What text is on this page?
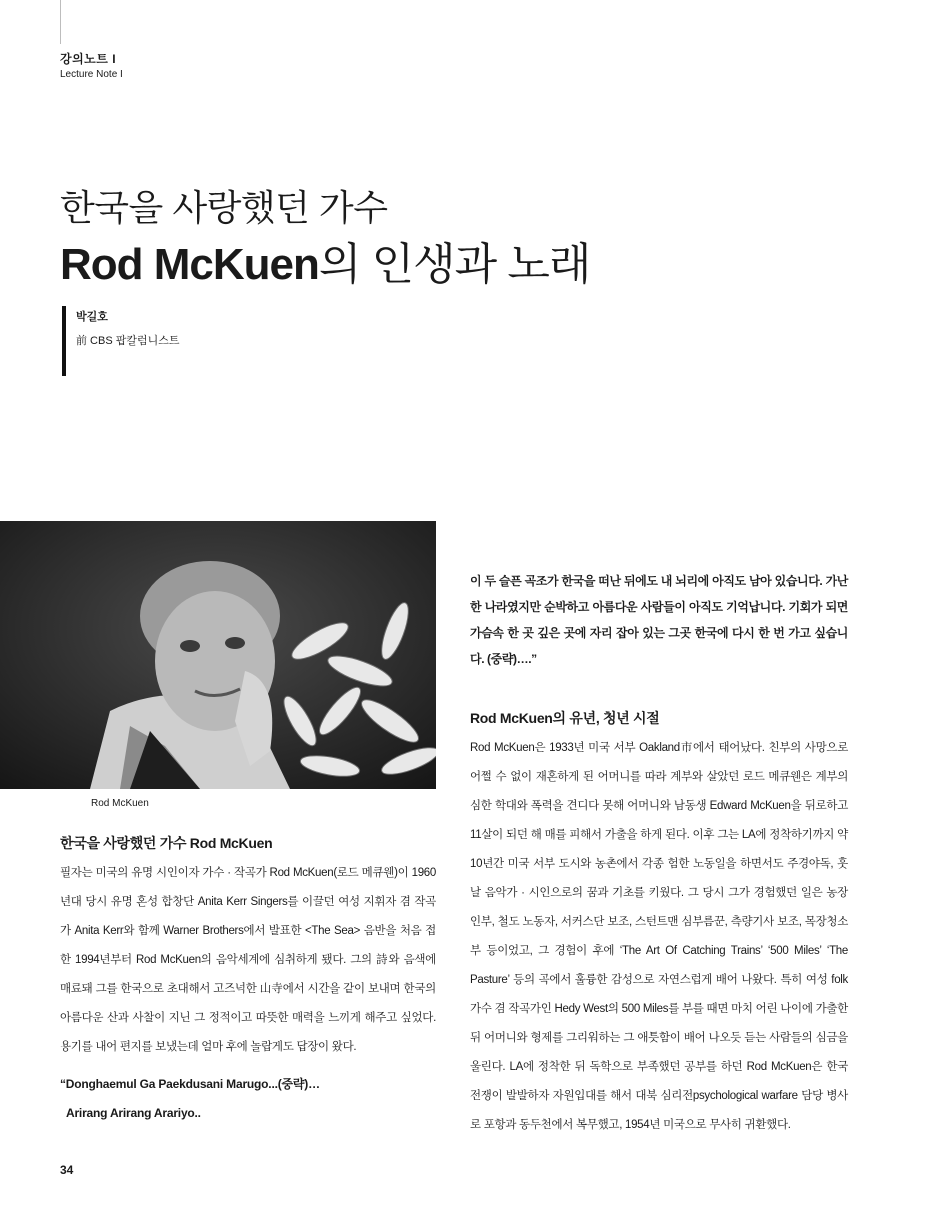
강의노트 I
Lecture Note I
한국을 사랑했던 가수
Rod McKuen의 인생과 노래
박길호
前 CBS 팝칼럼니스트
Rod McKuen
한국을 사랑했던 가수 Rod McKuen

필자는 미국의 유명 시인이자 가수 · 작곡가 Rod McKuen(로드 메큐웬)이 1960년대 당시 유명 혼성 합창단 Anita Kerr Singers를 이끌던 여성 지휘자 겸 작곡가 Anita Kerr와 함께 Warner Brothers에서 발표한 <The Sea> 음반을 처음 접한 1994년부터 Rod McKuen의 음악세계에 심취하게 됐다. 그의 詩와 음색에 매료돼 그를 한국으로 초대해서 고즈넉한 山寺에서 시간을 같이 보내며 한국의 아름다운 산과 사찰이 지닌 그 정적이고 따뜻한 매력을 느끼게 해주고 싶었다. 용기를 내어 편지를 보냈는데 얼마 후에 놀랍게도 답장이 왔다.

“Donghaemul Ga Paekdusani Marugo...(중략)…
Arirang Arirang Arariyo..
이 두 슬픈 곡조가 한국을 떠난 뒤에도 내 뇌리에 아직도 남아 있습니다. 가난한 나라였지만 순박하고 아름다운 사람들이 아직도 기억납니다. 기회가 되면 가슴속 한 곳 깊은 곳에 자리 잡아 있는 그곳 한국에 다시 한 번 가고 싶습니다. (중략)….”
Rod McKuen의 유년, 청년 시절

Rod McKuen은 1933년 미국 서부 Oakland市에서 태어났다. 친부의 사망으로 어쩔 수 없이 재혼하게 된 어머니를 따라 계부와 살았던 로드 메큐웬은 계부의 심한 학대와 폭력을 견디다 못해 어머니와 남동생 Edward McKuen을 뒤로하고 11살이 되던 해 매를 피해서 가출을 하게 된다. 이후 그는 LA에 정착하기까지 약 10년간 미국 서부 도시와 농촌에서 각종 험한 노동일을 하면서도 주경야독, 훗날 음악가 · 시인으로의 꿈과 기초를 키웠다. 그 당시 그가 경험했던 일은 농장 인부, 철도 노동자, 서커스단 보조, 스턴트맨 심부름꾼, 측량기사 보조, 목장청소부 등이었고, 그 경험이 후에 ‘The Art Of Catching Trains’ ‘500 Miles’ ‘The Pasture’ 등의 곡에서 훌륭한 감성으로 자연스럽게 배어 나왔다. 특히 여성 folk 가수 겸 작곡가인 Hedy West의 500 Miles를 부를 때면 마치 어린 나이에 가출한 뒤 어머니와 형제를 그리워하는 그 애틋함이 배어 나오듯 듣는 사람들의 심금을 울린다. LA에 정착한 뒤 독학으로 부족했던 공부를 하던 Rod McKuen은 한국 전쟁이 발발하자 자원입대를 해서 대북 심리전psychological warfare 담당 병사로 포항과 동두천에서 복무했고, 1954년 미국으로 무사히 귀환했다.

34
